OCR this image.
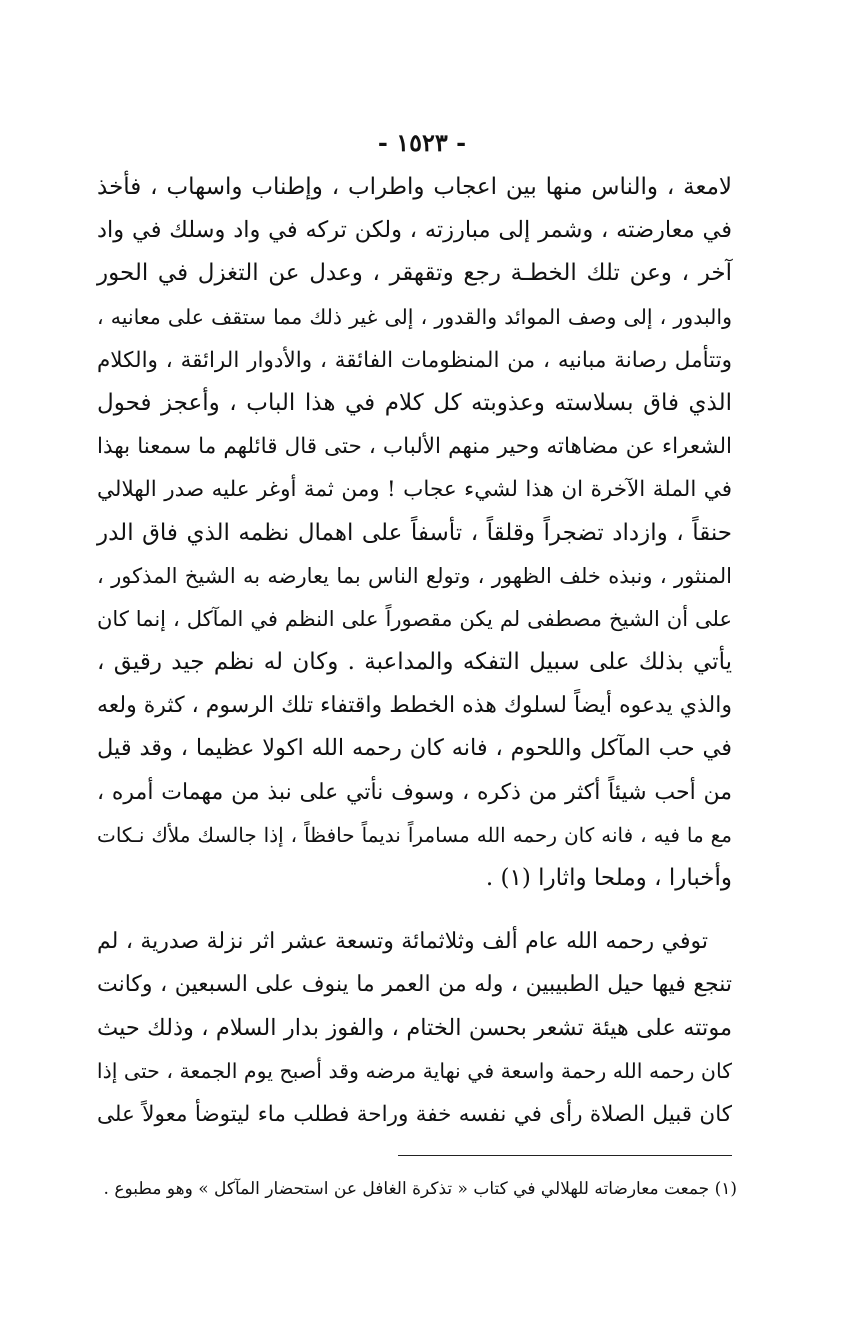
- ١٥٢٣ -
لامعة ، والناس منها بين اعجاب واطراب ، وإطناب واسهاب ، فأخذ
في معارضته ، وشمر إلى مبارزته ، ولكن تركه في واد وسلك في واد
آخر ، وعن تلك الخطـة رجع وتقهقر ، وعدل عن التغزل في الحور
والبدور ، إلى وصف الموائد والقدور ، إلى غير ذلك مما ستقف على معانيه ،
وتتأمل رصانة مبانيه ، من المنظومات الفائقة ، والأدوار الرائقة ، والكلام
الذي فاق بسلاسته وعذوبته كل كلام في هذا الباب ، وأعجز فحول
الشعراء عن مضاهاته وحير منهم الألباب ، حتى قال قائلهم ما سمعنا بهذا
في الملة الآخرة ان هذا لشيء عجاب ! ومن ثمة أوغر عليه صدر الهلالي
حنقاً ، وازداد تضجراً وقلقاً ، تأسفاً على اهمال نظمه الذي فاق الدر
المنثور ، ونبذه خلف الظهور ، وتولع الناس بما يعارضه به الشيخ المذكور ،
على أن الشيخ مصطفى لم يكن مقصوراً على النظم في المآكل ، إنما كان
يأتي بذلك على سبيل التفكه والمداعبة . وكان له نظم جيد رقيق ،
والذي يدعوه أيضاً لسلوك هذه الخطط واقتفاء تلك الرسوم ، كثرة ولعه
في حب المآكل واللحوم ، فانه كان رحمه الله اكولا عظيما ، وقد قيل
من أحب شيئاً أكثر من ذكره ، وسوف نأتي على نبذ من مهمات أمره ،
مع ما فيه ، فانه كان رحمه الله مسامراً نديماً حافظاً ، إذا جالسك ملأك نـكات
وأخبارا ، وملحا واثارا (١) .
توفي رحمه الله عام ألف وثلاثمائة وتسعة عشر اثر نزلة صدرية ، لم
تنجع فيها حيل الطبيبين ، وله من العمر ما ينوف على السبعين ، وكانت
موتته على هيئة تشعر بحسن الختام ، والفوز بدار السلام ، وذلك حيث
كان رحمه الله رحمة واسعة في نهاية مرضه وقد أصبح يوم الجمعة ، حتى إذا
كان قبيل الصلاة رأى في نفسه خفة وراحة فطلب ماء ليتوضأ معولاً على
(١) جمعت معارضاته للهلالي في كتاب « تذكرة الغافل عن استحضار المآكل » وهو مطبوع .
